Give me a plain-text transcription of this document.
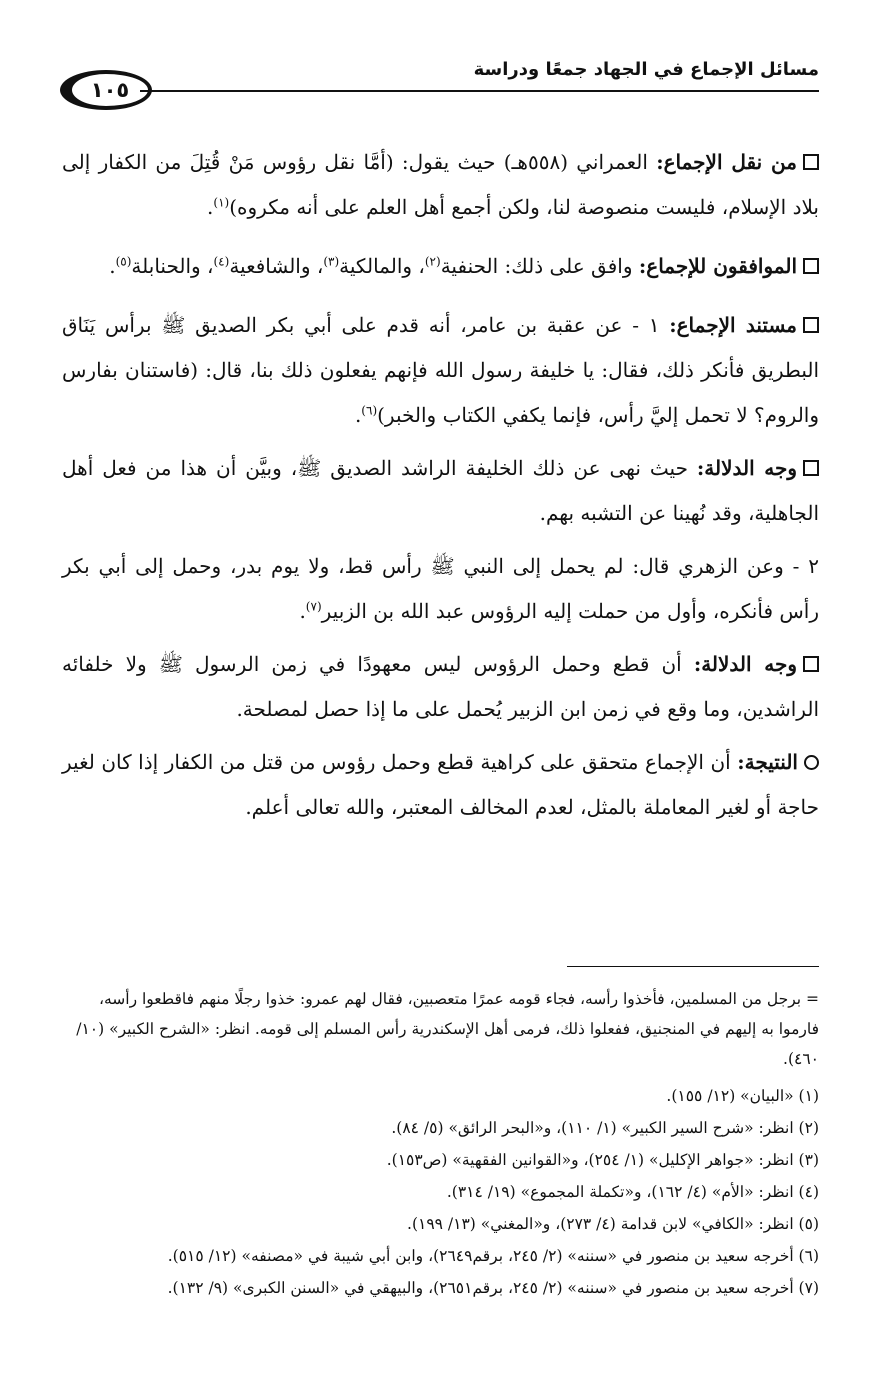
مسائل الإجماع في الجهاد جمعًا ودراسة
١٠٥

من نقل الإجماع: العمراني (٥٥٨هـ) حيث يقول: (أمَّا نقل رؤوس مَنْ قُتِلَ من الكفار إلى بلاد الإسلام، فليست منصوصة لنا، ولكن أجمع أهل العلم على أنه مكروه)$^{(١)}$.

الموافقون للإجماع: وافق على ذلك: الحنفية$^{(٢)}$، والمالكية$^{(٣)}$، والشافعية$^{(٤)}$، والحنابلة$^{(٥)}$.

مستند الإجماع: ١ - عن عقبة بن عامر، أنه قدم على أبي بكر الصديق ﷺ برأس يَنَاق البطريق فأنكر ذلك، فقال: يا خليفة رسول الله فإنهم يفعلون ذلك بنا، قال: (فاستنان بفارس والروم؟ لا تحمل إليَّ رأس، فإنما يكفي الكتاب والخبر)$^{(٦)}$.

وجه الدلالة: حيث نهى عن ذلك الخليفة الراشد الصديق ﷺ، وبيَّن أن هذا من فعل أهل الجاهلية، وقد نُهينا عن التشبه بهم.

٢ - وعن الزهري قال: لم يحمل إلى النبي ﷺ رأس قط، ولا يوم بدر، وحمل إلى أبي بكر رأس فأنكره، وأول من حملت إليه الرؤوس عبد الله بن الزبير$^{(٧)}$.

وجه الدلالة: أن قطع وحمل الرؤوس ليس معهودًا في زمن الرسول ﷺ ولا خلفائه الراشدين، وما وقع في زمن ابن الزبير يُحمل على ما إذا حصل لمصلحة.

النتيجة: أن الإجماع متحقق على كراهية قطع وحمل رؤوس من قتل من الكفار إذا كان لغير حاجة أو لغير المعاملة بالمثل، لعدم المخالف المعتبر، والله تعالى أعلم.

= برجل من المسلمين، فأخذوا رأسه، فجاء قومه عمرًا متعصبين، فقال لهم عمرو: خذوا رجلًا منهم فاقطعوا رأسه، فارموا به إليهم في المنجنيق، ففعلوا ذلك، فرمى أهل الإسكندرية رأس المسلم إلى قومه. انظر: «الشرح الكبير» (١٠/ ٤٦٠).

(١) «البيان» (١٢/ ١٥٥).

(٢) انظر: «شرح السير الكبير» (١/ ١١٠)، و«البحر الرائق» (٥/ ٨٤).

(٣) انظر: «جواهر الإكليل» (١/ ٢٥٤)، و«القوانين الفقهية» (ص١٥٣).

(٤) انظر: «الأم» (٤/ ١٦٢)، و«تكملة المجموع» (١٩/ ٣١٤).

(٥) انظر: «الكافي» لابن قدامة (٤/ ٢٧٣)، و«المغني» (١٣/ ١٩٩).

(٦) أخرجه سعيد بن منصور في «سننه» (٢/ ٢٤٥، برقم٢٦٤٩)، وابن أبي شيبة في «مصنفه» (١٢/ ٥١٥).

(٧) أخرجه سعيد بن منصور في «سننه» (٢/ ٢٤٥، برقم٢٦٥١)، والبيهقي في «السنن الكبرى» (٩/ ١٣٢).
